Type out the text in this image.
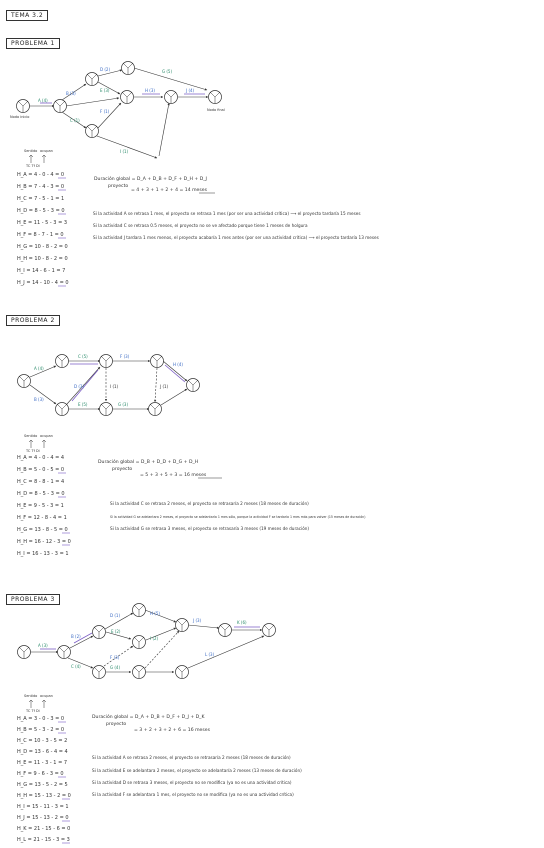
TEMA 3.2
PROBLEMA 1
PROBLEMA 2
PROBLEMA 3
A (4)
B (3)
C (1)
D (2)
E (3)
F (1)
G (5)
H (3)
I (1)
J (4)
Nodo inicio
Nodo final
Sentido ocupan
TC Tf Di
H_A = 4 - 0 - 4 = 0
H_B = 7 - 4 - 3 = 0
H_C = 7 - 5 - 1 = 1
H_D = 8 - 5 - 3 = 0
H_E = 11 - 5 - 3 = 3
H_F = 8 - 7 - 1 = 0
H_G = 10 - 8 - 2 = 0
H_H = 10 - 8 - 2 = 0
H_I = 14 - 6 - 1 = 7
H_J = 14 - 10 - 4 = 0
Duración global = D_A + D_B + D_F + D_H + D_J
proyecto
= 4 + 3 + 1 + 2 + 4 = 14 meses
Si la actividad A se retrasa 1 mes, el proyecto se retrasa 1 mes (por ser una actividad crítica) ⟶ el proyecto tardaría 15 meses
Si la actividad C se retrasa 0.5 meses, el proyecto no se ve afectado porque tiene 1 meses de holgura
Si la actividad J tardara 1 mes menos, el proyecto acabaría 1 mes antes (por ser una actividad crítica) ⟶ el proyecto tardaría 13 meses
A (4)
B (3)
C (5)
D (3)
E (5)
F (3)
G (3)
H (4)
I (1)	J (1)
Sentido ocupan
TC Tf Di
H_A = 4 - 0 - 4 = 4
H_B = 5 - 0 - 5 = 0
H_C = 8 - 8 - 1 = 4
H_D = 8 - 5 - 3 = 0
H_E = 9 - 5 - 3 = 1
H_F = 12 - 8 - 4 = 1
H_G = 13 - 8 - 5 = 0
H_H = 16 - 12 - 3 = 0
H_I = 16 - 13 - 3 = 1
Duración global = D_B + D_D + D_G + D_H
proyecto
= 5 + 3 + 5 + 3 = 16 meses
Si la actividad C se retrasa 2 meses, el proyecto se retrasaría 2 meses (18 meses de duración)
Si la actividad G se adelantara 2 meses, el proyecto se adelantaría 1 mes sólo, porque la actividad F se tardaría 1 mes más para volver (15 meses de duración)
Si la actividad G se retrasa 3 meses, el proyecto se retrasaría 3 meses (19 meses de duración)
A (3)
B (2)
C (4)
D (1)
E (2)
F (3)
G (4)
H (5)
I (2)
J (3)	K (6)
L (3)
Sentido ocupan
TC Tf Di
H_A = 3 - 0 - 3 = 0
H_B = 5 - 3 - 2 = 0
H_C = 10 - 3 - 5 = 2
H_D = 13 - 6 - 4 = 4
H_E = 11 - 3 - 1 = 7
H_F = 9 - 6 - 3 = 0
H_G = 13 - 5 - 2 = 5
H_H = 15 - 13 - 2 = 0
H_I = 15 - 11 - 3 = 1
H_J = 15 - 13 - 2 = 0
H_K = 21 - 15 - 6 = 0
H_L = 21 - 15 - 3 = 3
Duración global = D_A + D_B + D_F + D_J + D_K
proyecto
= 3 + 2 + 3 + 2 + 6 = 16 meses
Si la actividad A se retrasa 2 meses, el proyecto se retrasaría 2 meses (18 meses de duración)
Si la actividad E se adelantara 2 meses, el proyecto se adelantaría 2 meses (13 meses de duración)
Si la actividad D se retrasa 3 meses, el proyecto no se modifica (ya no es una actividad crítica)
Si la actividad F se adelantara 1 mes, el proyecto no se modifica (ya no es una actividad crítica)
